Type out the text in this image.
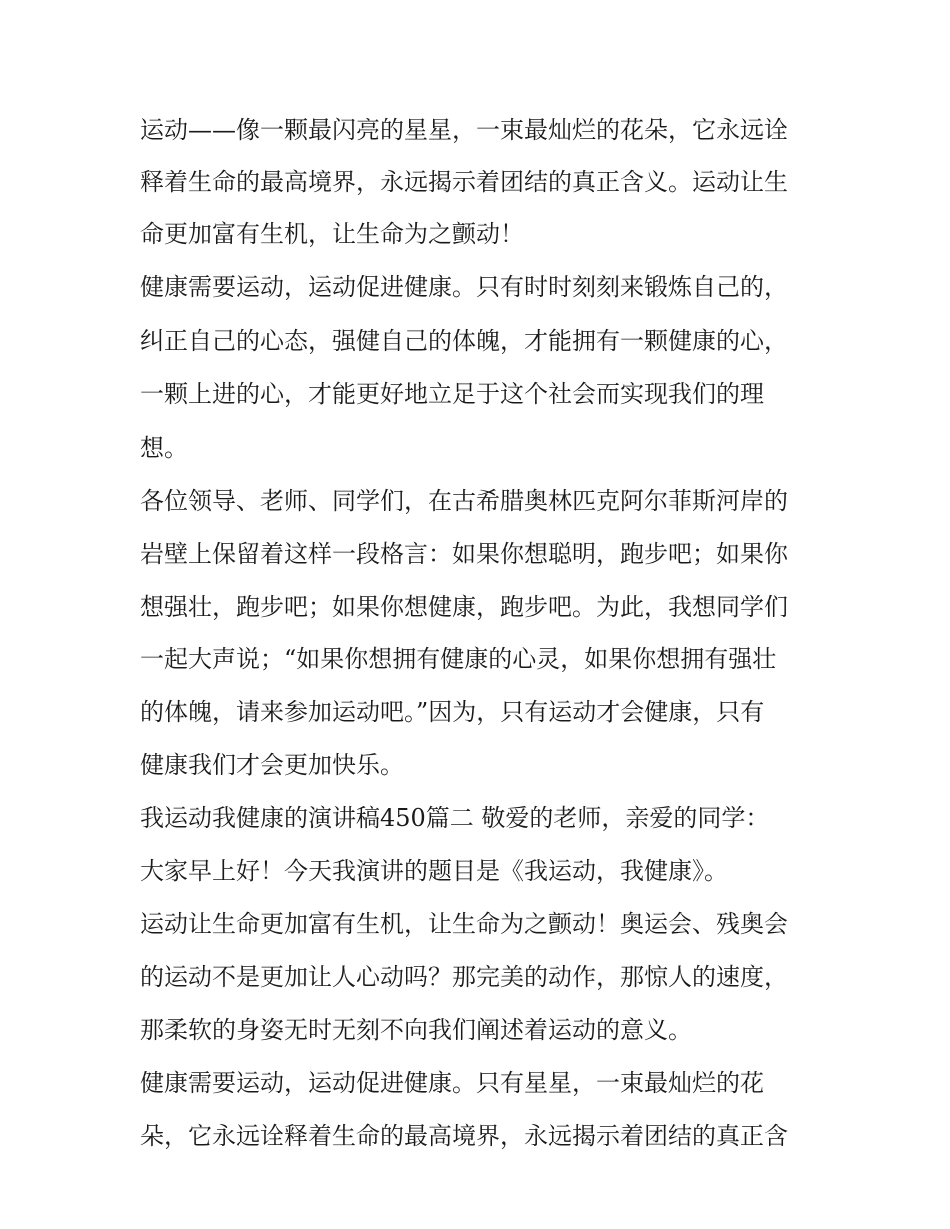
运动——像一颗最闪亮的星星，一束最灿烂的花朵，它永远诠
释着生命的最高境界，永远揭示着团结的真正含义。运动让生
命更加富有生机，让生命为之颤动！
健康需要运动，运动促进健康。只有时时刻刻来锻炼自己的，
纠正自己的心态，强健自己的体魄，才能拥有一颗健康的心，
一颗上进的心，才能更好地立足于这个社会而实现我们的理
想。
各位领导、老师、同学们，在古希腊奥林匹克阿尔菲斯河岸的
岩壁上保留着这样一段格言：如果你想聪明，跑步吧；如果你
想强壮，跑步吧；如果你想健康，跑步吧。为此，我想同学们
一起大声说；“如果你想拥有健康的心灵，如果你想拥有强壮
的体魄，请来参加运动吧。”因为，只有运动才会健康，只有
健康我们才会更加快乐。
我运动我健康的演讲稿450篇二 敬爱的老师，亲爱的同学：
大家早上好！今天我演讲的题目是《我运动，我健康》。
运动让生命更加富有生机，让生命为之颤动！奥运会、残奥会
的运动不是更加让人心动吗？那完美的动作，那惊人的速度，
那柔软的身姿无时无刻不向我们阐述着运动的意义。
健康需要运动，运动促进健康。只有星星，一束最灿烂的花
朵，它永远诠释着生命的最高境界，永远揭示着团结的真正含
